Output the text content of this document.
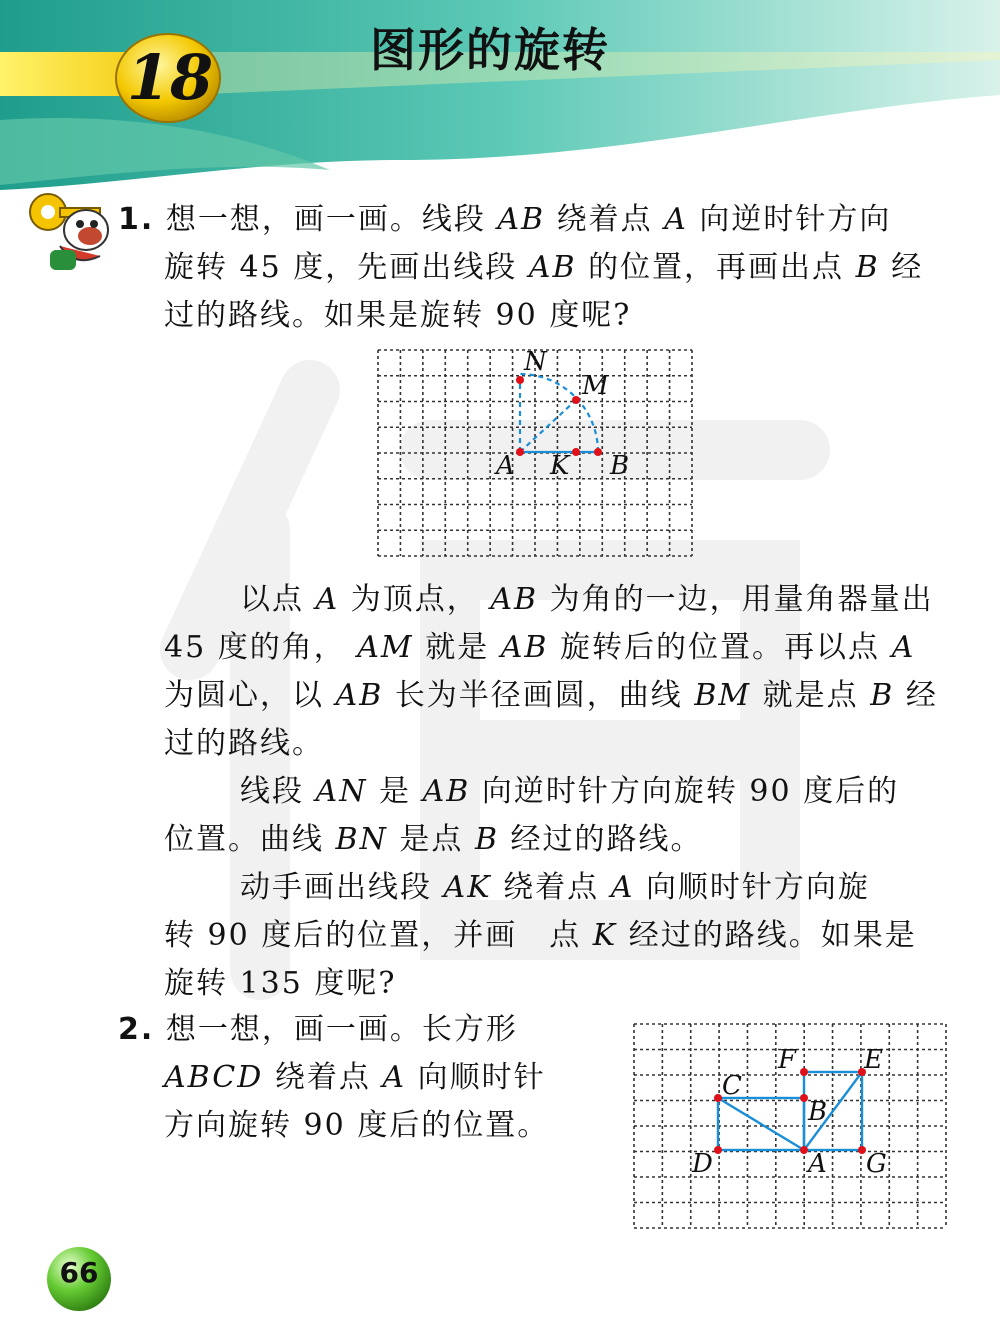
18	图形的旋转
1. 想一想，画一画。线段 AB 绕着点 A 向逆时针方向
旋转 45 度，先画出线段 AB 的位置，再画出点 B 经
过的路线。如果是旋转 90 度呢?
N
M
A K B
以点 A 为顶点， AB 为角的一边，用量角器量出
45 度的角， AM 就是 AB 旋转后的位置。再以点 A
为圆心，以 AB 长为半径画圆，曲线 BM 就是点 B 经
过的路线。
线段 AN 是 AB 向逆时针方向旋转 90 度后的
位置。曲线 BN 是点 B 经过的路线。
动手画出线段 AK 绕着点 A 向顺时针方向旋
转 90 度后的位置，并画　点 K 经过的路线。如果是
旋转 135 度呢?
2. 想一想，画一画。长方形
ABCD 绕着点 A 向顺时针
方向旋转 90 度后的位置。
F	E
C
B
D	A G
66
